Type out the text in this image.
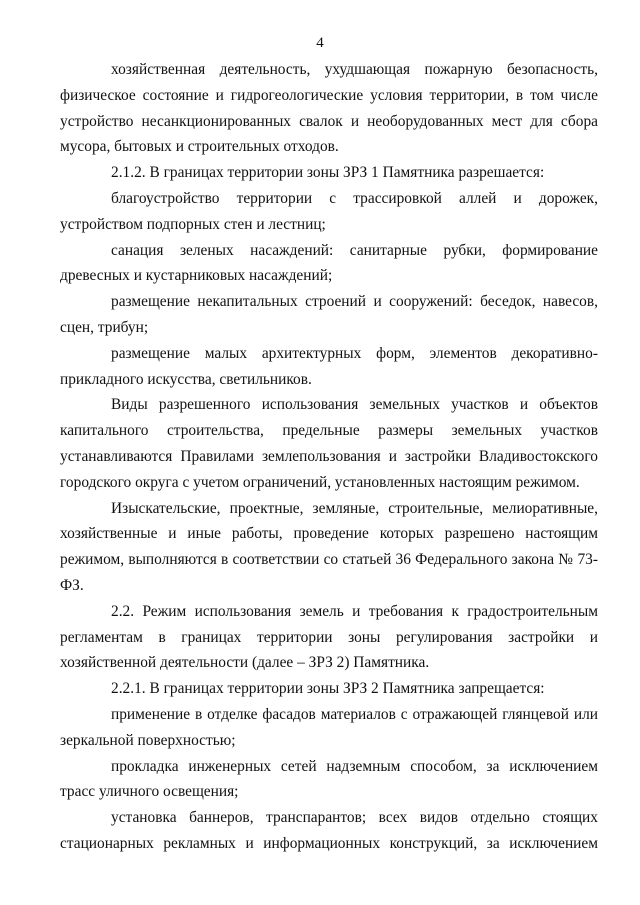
4

хозяйственная деятельность, ухудшающая пожарную безопасность, физическое состояние и гидрогеологические условия территории, в том числе устройство несанкционированных свалок и необорудованных мест для сбора мусора, бытовых и строительных отходов.

2.1.2. В границах территории зоны ЗРЗ 1 Памятника разрешается:

благоустройство территории с трассировкой аллей и дорожек, устройством подпорных стен и лестниц;

санация зеленых насаждений: санитарные рубки, формирование древесных и кустарниковых насаждений;

размещение некапитальных строений и сооружений: беседок, навесов, сцен, трибун;

размещение малых архитектурных форм, элементов декоративно-прикладного искусства, светильников.

Виды разрешенного использования земельных участков и объектов капитального строительства, предельные размеры земельных участков устанавливаются Правилами землепользования и застройки Владивостокского городского округа с учетом ограничений, установленных настоящим режимом.

Изыскательские, проектные, земляные, строительные, мелиоративные, хозяйственные и иные работы, проведение которых разрешено настоящим режимом, выполняются в соответствии со статьей 36 Федерального закона № 73-ФЗ.

2.2. Режим использования земель и требования к градостроительным регламентам в границах территории зоны регулирования застройки и хозяйственной деятельности (далее – ЗРЗ 2) Памятника.

2.2.1. В границах территории зоны ЗРЗ 2 Памятника запрещается:

применение в отделке фасадов материалов с отражающей глянцевой или зеркальной поверхностью;

прокладка инженерных сетей надземным способом, за исключением трасс уличного освещения;

установка баннеров, транспарантов; всех видов отдельно стоящих стационарных рекламных и информационных конструкций, за исключением
